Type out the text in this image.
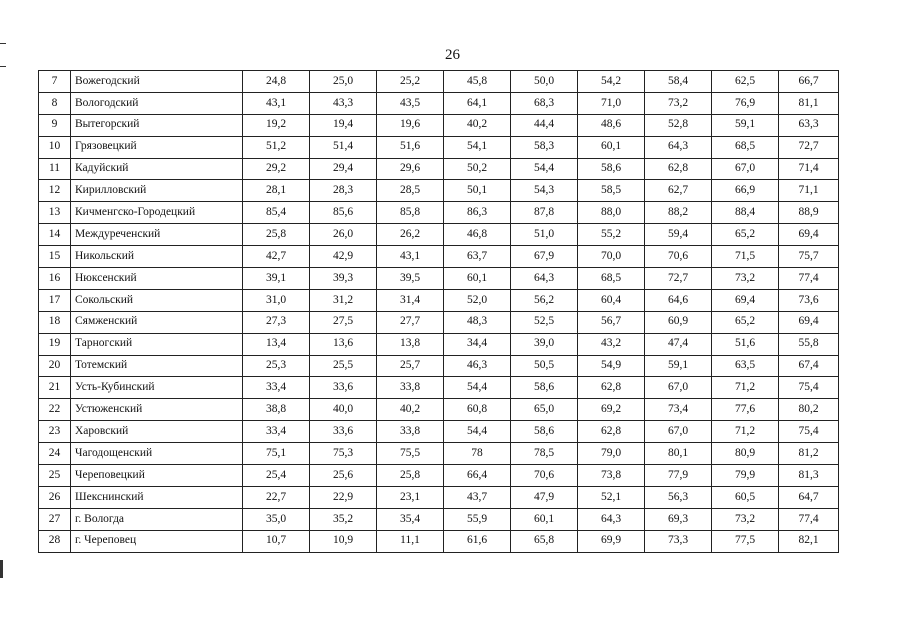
26
7	Вожегодский	24,8	25,0	25,2	45,8	50,0	54,2	58,4	62,5	66,7
8	Вологодский	43,1	43,3	43,5	64,1	68,3	71,0	73,2	76,9	81,1
9	Вытегорский	19,2	19,4	19,6	40,2	44,4	48,6	52,8	59,1	63,3
10	Грязовецкий	51,2	51,4	51,6	54,1	58,3	60,1	64,3	68,5	72,7
11	Кадуйский	29,2	29,4	29,6	50,2	54,4	58,6	62,8	67,0	71,4
12	Кирилловский	28,1	28,3	28,5	50,1	54,3	58,5	62,7	66,9	71,1
13	Кичменгско-Городецкий	85,4	85,6	85,8	86,3	87,8	88,0	88,2	88,4	88,9
14	Междуреченский	25,8	26,0	26,2	46,8	51,0	55,2	59,4	65,2	69,4
15	Никольский	42,7	42,9	43,1	63,7	67,9	70,0	70,6	71,5	75,7
16	Нюксенский	39,1	39,3	39,5	60,1	64,3	68,5	72,7	73,2	77,4
17	Сокольский	31,0	31,2	31,4	52,0	56,2	60,4	64,6	69,4	73,6
18	Сямженский	27,3	27,5	27,7	48,3	52,5	56,7	60,9	65,2	69,4
19	Тарногский	13,4	13,6	13,8	34,4	39,0	43,2	47,4	51,6	55,8
20	Тотемский	25,3	25,5	25,7	46,3	50,5	54,9	59,1	63,5	67,4
21	Усть-Кубинский	33,4	33,6	33,8	54,4	58,6	62,8	67,0	71,2	75,4
22	Устюженский	38,8	40,0	40,2	60,8	65,0	69,2	73,4	77,6	80,2
23	Харовский	33,4	33,6	33,8	54,4	58,6	62,8	67,0	71,2	75,4
24	Чагодощенский	75,1	75,3	75,5	78	78,5	79,0	80,1	80,9	81,2
25	Череповецкий	25,4	25,6	25,8	66,4	70,6	73,8	77,9	79,9	81,3
26	Шекснинский	22,7	22,9	23,1	43,7	47,9	52,1	56,3	60,5	64,7
27	г. Вологда	35,0	35,2	35,4	55,9	60,1	64,3	69,3	73,2	77,4
28	г. Череповец	10,7	10,9	11,1	61,6	65,8	69,9	73,3	77,5	82,1
